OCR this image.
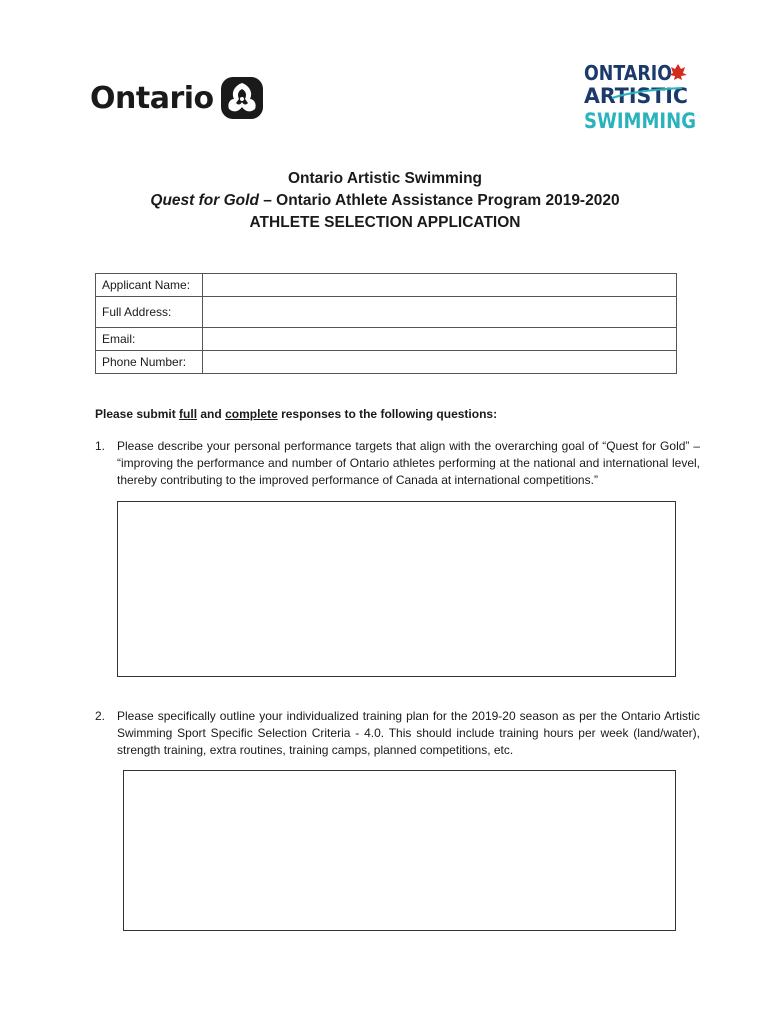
Ontario
ONTARIO
ARTISTIC
SWIMMING
Ontario Artistic Swimming
Quest for Gold – Ontario Athlete Assistance Program 2019-2020
ATHLETE SELECTION APPLICATION
Applicant Name:	
Full Address:	
Email:	
Phone Number:	
Please submit full and complete responses to the following questions:
1. Please describe your personal performance targets that align with the overarching goal of “Quest for Gold” – “improving the performance and number of Ontario athletes performing at the national and international level, thereby contributing to the improved performance of Canada at international competitions.”
2. Please specifically outline your individualized training plan for the 2019-20 season as per the Ontario Artistic Swimming Sport Specific Selection Criteria - 4.0. This should include training hours per week (land/water), strength training, extra routines, training camps, planned competitions, etc.
